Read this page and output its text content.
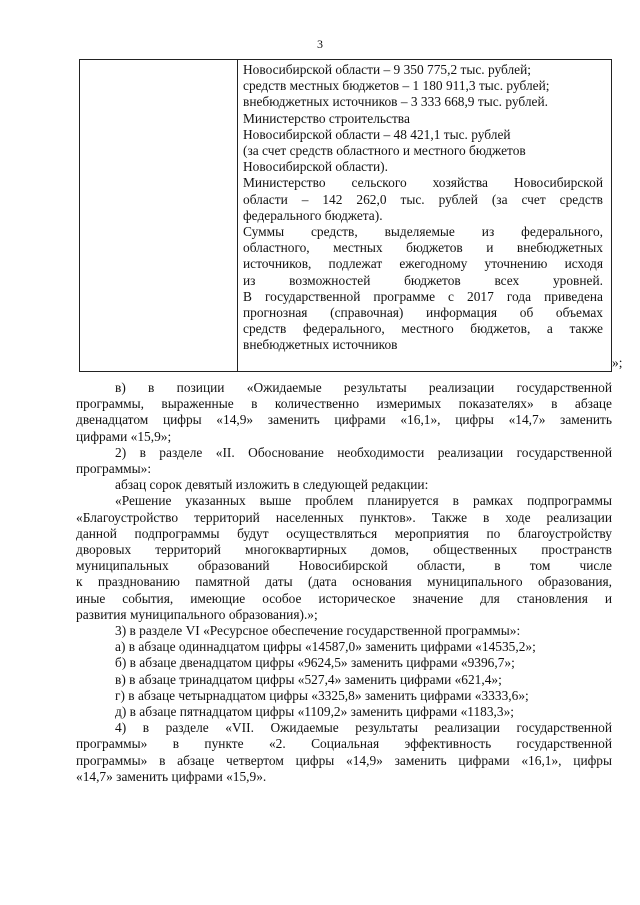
3

Новосибирской области – 9 350 775,2 тыс. рублей;

средств местных бюджетов – 1 180 911,3 тыс. рублей;

внебюджетных источников – 3 333 668,9 тыс. рублей.

Министерство строительства

Новосибирской области – 48 421,1 тыс. рублей

(за счет средств областного и местного бюджетов

Новосибирской области).

Министерство сельского хозяйства Новосибирской

области – 142 262,0 тыс. рублей (за счет средств

федерального бюджета).

Суммы средств, выделяемые из федерального,

областного, местных бюджетов и внебюджетных

источников, подлежат ежегодному уточнению исходя

из возможностей бюджетов всех уровней.

В государственной программе с 2017 года приведена

прогнозная (справочная) информация об объемах

средств федерального, местного бюджетов, а также

внебюджетных источников

»;

в) в позиции «Ожидаемые результаты реализации государственной

программы, выраженные в количественно измеримых показателях» в абзаце

двенадцатом цифры «14,9» заменить цифрами «16,1», цифры «14,7» заменить

цифрами «15,9»;

2) в разделе «II. Обоснование необходимости реализации государственной

программы»:

абзац сорок девятый изложить в следующей редакции:

«Решение указанных выше проблем планируется в рамках подпрограммы

«Благоустройство территорий населенных пунктов». Также в ходе реализации

данной подпрограммы будут осуществляться мероприятия по благоустройству

дворовых территорий многоквартирных домов, общественных пространств

муниципальных образований Новосибирской области, в том числе

к празднованию памятной даты (дата основания муниципального образования,

иные события, имеющие особое историческое значение для становления и

развития муниципального образования).»;

3) в разделе VI «Ресурсное обеспечение государственной программы»:

а) в абзаце одиннадцатом цифры «14587,0» заменить цифрами «14535,2»;

б) в абзаце двенадцатом цифры «9624,5» заменить цифрами «9396,7»;

в) в абзаце тринадцатом цифры «527,4» заменить цифрами «621,4»;

г) в абзаце четырнадцатом цифры «3325,8» заменить цифрами «3333,6»;

д) в абзаце пятнадцатом цифры «1109,2» заменить цифрами «1183,3»;

4) в разделе «VII. Ожидаемые результаты реализации государственной

программы» в пункте «2. Социальная эффективность государственной

программы» в абзаце четвертом цифры «14,9» заменить цифрами «16,1», цифры

«14,7» заменить цифрами «15,9».
